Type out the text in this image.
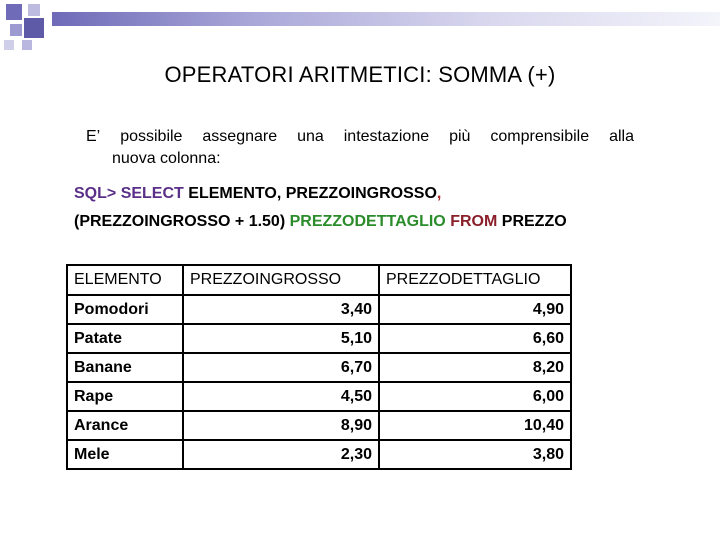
OPERATORI ARITMETICI: SOMMA (+)
E’ possibile assegnare una intestazione più comprensibile alla
nuova colonna:
SQL> SELECT ELEMENTO, PREZZOINGROSSO,
(PREZZOINGROSSO + 1.50) PREZZODETTAGLIO FROM PREZZO
ELEMENTO	PREZZOINGROSSO	PREZZODETTAGLIO
Pomodori	3,40	4,90
Patate	5,10	6,60
Banane	6,70	8,20
Rape	4,50	6,00
Arance	8,90	10,40
Mele	2,30	3,80
